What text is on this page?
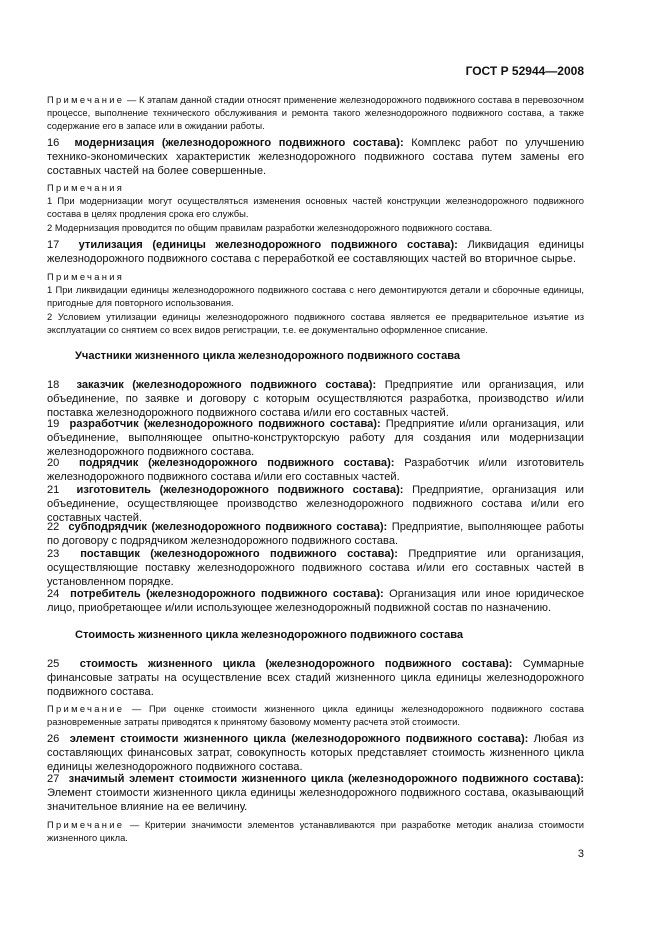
ГОСТ Р 52944—2008

Примечание — К этапам данной стадии относят применение железнодорожного подвижного состава в перевозочном процессе, выполнение технического обслуживания и ремонта такого железнодорожного подвижного состава, а также содержание его в запасе или в ожидании работы.

16 модернизация (железнодорожного подвижного состава): Комплекс работ по улучшению технико-экономических характеристик железнодорожного подвижного состава путем замены его составных частей на более совершенные.

Примечания

1 При модернизации могут осуществляться изменения основных частей конструкции железнодорожного подвижного состава в целях продления срока его службы.

2 Модернизация проводится по общим правилам разработки железнодорожного подвижного состава.

17 утилизация (единицы железнодорожного подвижного состава): Ликвидация единицы железнодорожного подвижного состава с переработкой ее составляющих частей во вторичное сырье.

Примечания

1 При ликвидации единицы железнодорожного подвижного состава с него демонтируются детали и сборочные единицы, пригодные для повторного использования.

2 Условием утилизации единицы железнодорожного подвижного состава является ее предварительное изъятие из эксплуатации со снятием со всех видов регистрации, т.е. ее документально оформленное списание.

Участники жизненного цикла железнодорожного подвижного состава

18 заказчик (железнодорожного подвижного состава): Предприятие или организация, или объединение, по заявке и договору с которым осуществляются разработка, производство и/или поставка железнодорожного подвижного состава и/или его составных частей.

19 разработчик (железнодорожного подвижного состава): Предприятие и/или организация, или объединение, выполняющее опытно-конструкторскую работу для создания или модернизации железнодорожного подвижного состава.

20 подрядчик (железнодорожного подвижного состава): Разработчик и/или изготовитель железнодорожного подвижного состава и/или его составных частей.

21 изготовитель (железнодорожного подвижного состава): Предприятие, организация или объединение, осуществляющее производство железнодорожного подвижного состава и/или его составных частей.

22 субподрядчик (железнодорожного подвижного состава): Предприятие, выполняющее работы по договору с подрядчиком железнодорожного подвижного состава.

23 поставщик (железнодорожного подвижного состава): Предприятие или организация, осуществляющие поставку железнодорожного подвижного состава и/или его составных частей в установленном порядке.

24 потребитель (железнодорожного подвижного состава): Организация или иное юридическое лицо, приобретающее и/или использующее железнодорожный подвижной состав по назначению.

Стоимость жизненного цикла железнодорожного подвижного состава

25 стоимость жизненного цикла (железнодорожного подвижного состава): Суммарные финансовые затраты на осуществление всех стадий жизненного цикла единицы железнодорожного подвижного состава.

Примечание — При оценке стоимости жизненного цикла единицы железнодорожного подвижного состава разновременные затраты приводятся к принятому базовому моменту расчета этой стоимости.

26 элемент стоимости жизненного цикла (железнодорожного подвижного состава): Любая из составляющих финансовых затрат, совокупность которых представляет стоимость жизненного цикла единицы железнодорожного подвижного состава.

27 значимый элемент стоимости жизненного цикла (железнодорожного подвижного состава): Элемент стоимости жизненного цикла единицы железнодорожного подвижного состава, оказывающий значительное влияние на ее величину.

Примечание — Критерии значимости элементов устанавливаются при разработке методик анализа стоимости жизненного цикла.

3
